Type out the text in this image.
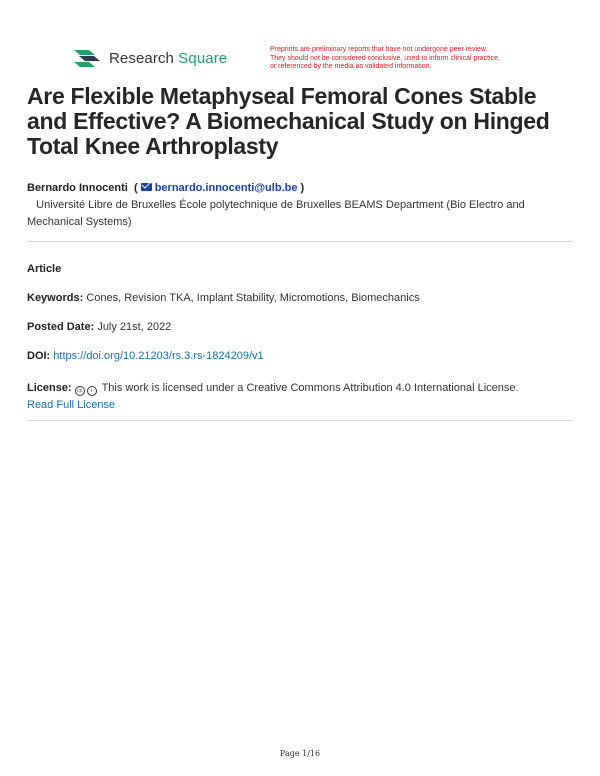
Research Square	Preprints are preliminary reports that have not undergone peer review.
They should not be considered conclusive, used to inform clinical practice,
or referenced by the media as validated information.
Are Flexible Metaphyseal Femoral Cones Stable and Effective? A Biomechanical Study on Hinged Total Knee Arthroplasty
Bernardo Innocenti ( bernardo.innocenti@ulb.be )
Université Libre de Bruxelles École polytechnique de Bruxelles BEAMS Department (Bio Electro and Mechanical Systems)
Article
Keywords: Cones, Revision TKA, Implant Stability, Micromotions, Biomechanics
Posted Date: July 21st, 2022
DOI: https://doi.org/10.21203/rs.3.rs-1824209/v1
License: cc i This work is licensed under a Creative Commons Attribution 4.0 International License.
Read Full License
Page 1/16
